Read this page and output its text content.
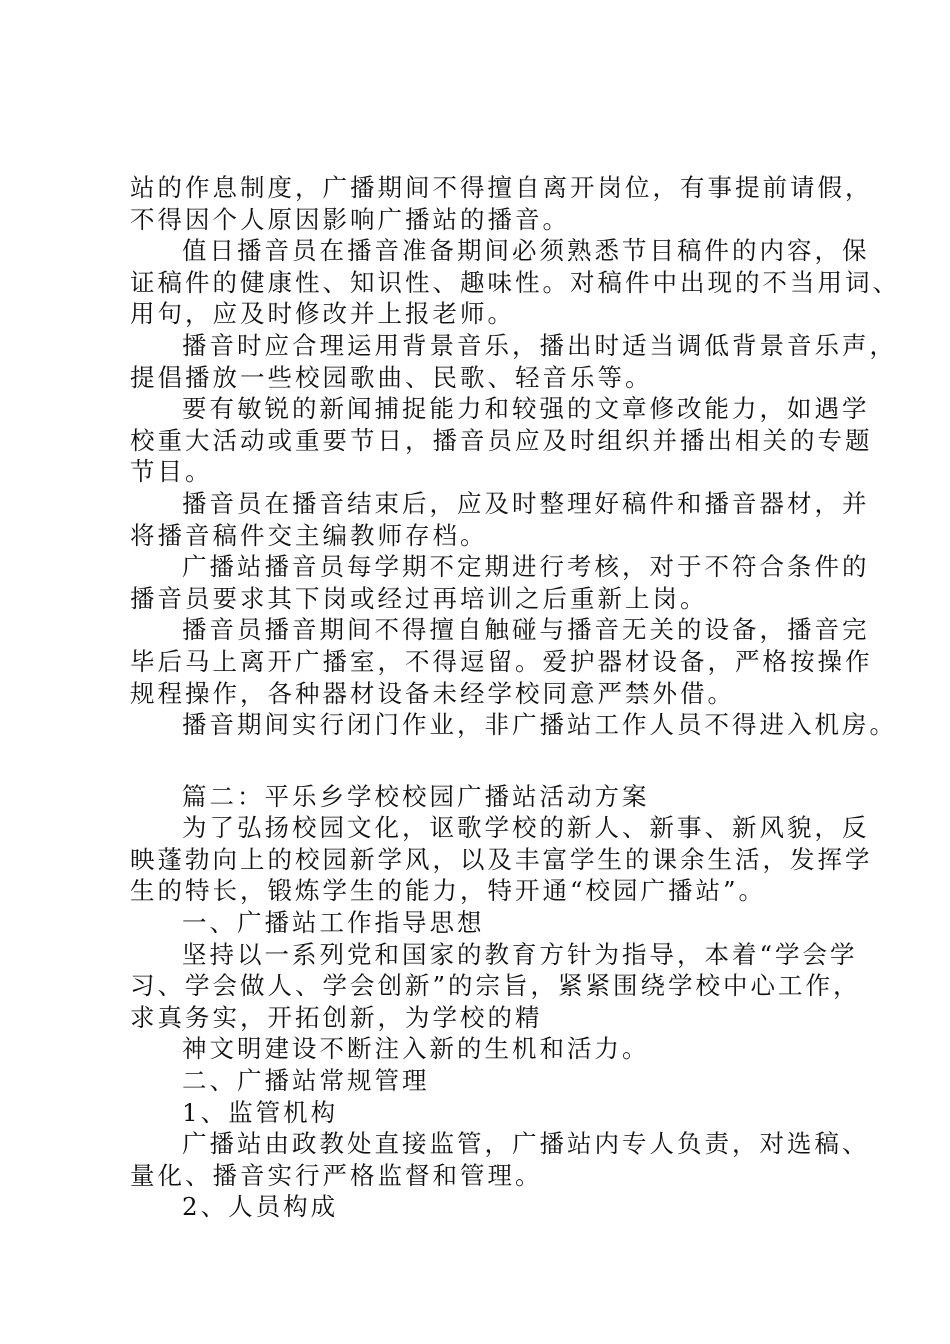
站的作息制度，广播期间不得擅自离开岗位，有事提前请假，
不得因个人原因影响广播站的播音。
值日播音员在播音准备期间必须熟悉节目稿件的内容，保
证稿件的健康性、知识性、趣味性。对稿件中出现的不当用词、
用句，应及时修改并上报老师。
播音时应合理运用背景音乐，播出时适当调低背景音乐声，
提倡播放一些校园歌曲、民歌、轻音乐等。
要有敏锐的新闻捕捉能力和较强的文章修改能力，如遇学
校重大活动或重要节日，播音员应及时组织并播出相关的专题
节目。
播音员在播音结束后，应及时整理好稿件和播音器材，并
将播音稿件交主编教师存档。
广播站播音员每学期不定期进行考核，对于不符合条件的
播音员要求其下岗或经过再培训之后重新上岗。
播音员播音期间不得擅自触碰与播音无关的设备，播音完
毕后马上离开广播室，不得逗留。爱护器材设备，严格按操作
规程操作，各种器材设备未经学校同意严禁外借。
播音期间实行闭门作业，非广播站工作人员不得进入机房。
篇二：平乐乡学校校园广播站活动方案
为了弘扬校园文化，讴歌学校的新人、新事、新风貌，反
映蓬勃向上的校园新学风，以及丰富学生的课余生活，发挥学
生的特长，锻炼学生的能力，特开通“校园广播站”。
一、广播站工作指导思想
坚持以一系列党和国家的教育方针为指导，本着“学会学
习、学会做人、学会创新”的宗旨，紧紧围绕学校中心工作，
求真务实，开拓创新，为学校的精
神文明建设不断注入新的生机和活力。
二、广播站常规管理
1、监管机构
广播站由政教处直接监管，广播站内专人负责，对选稿、
量化、播音实行严格监督和管理。
2、人员构成
